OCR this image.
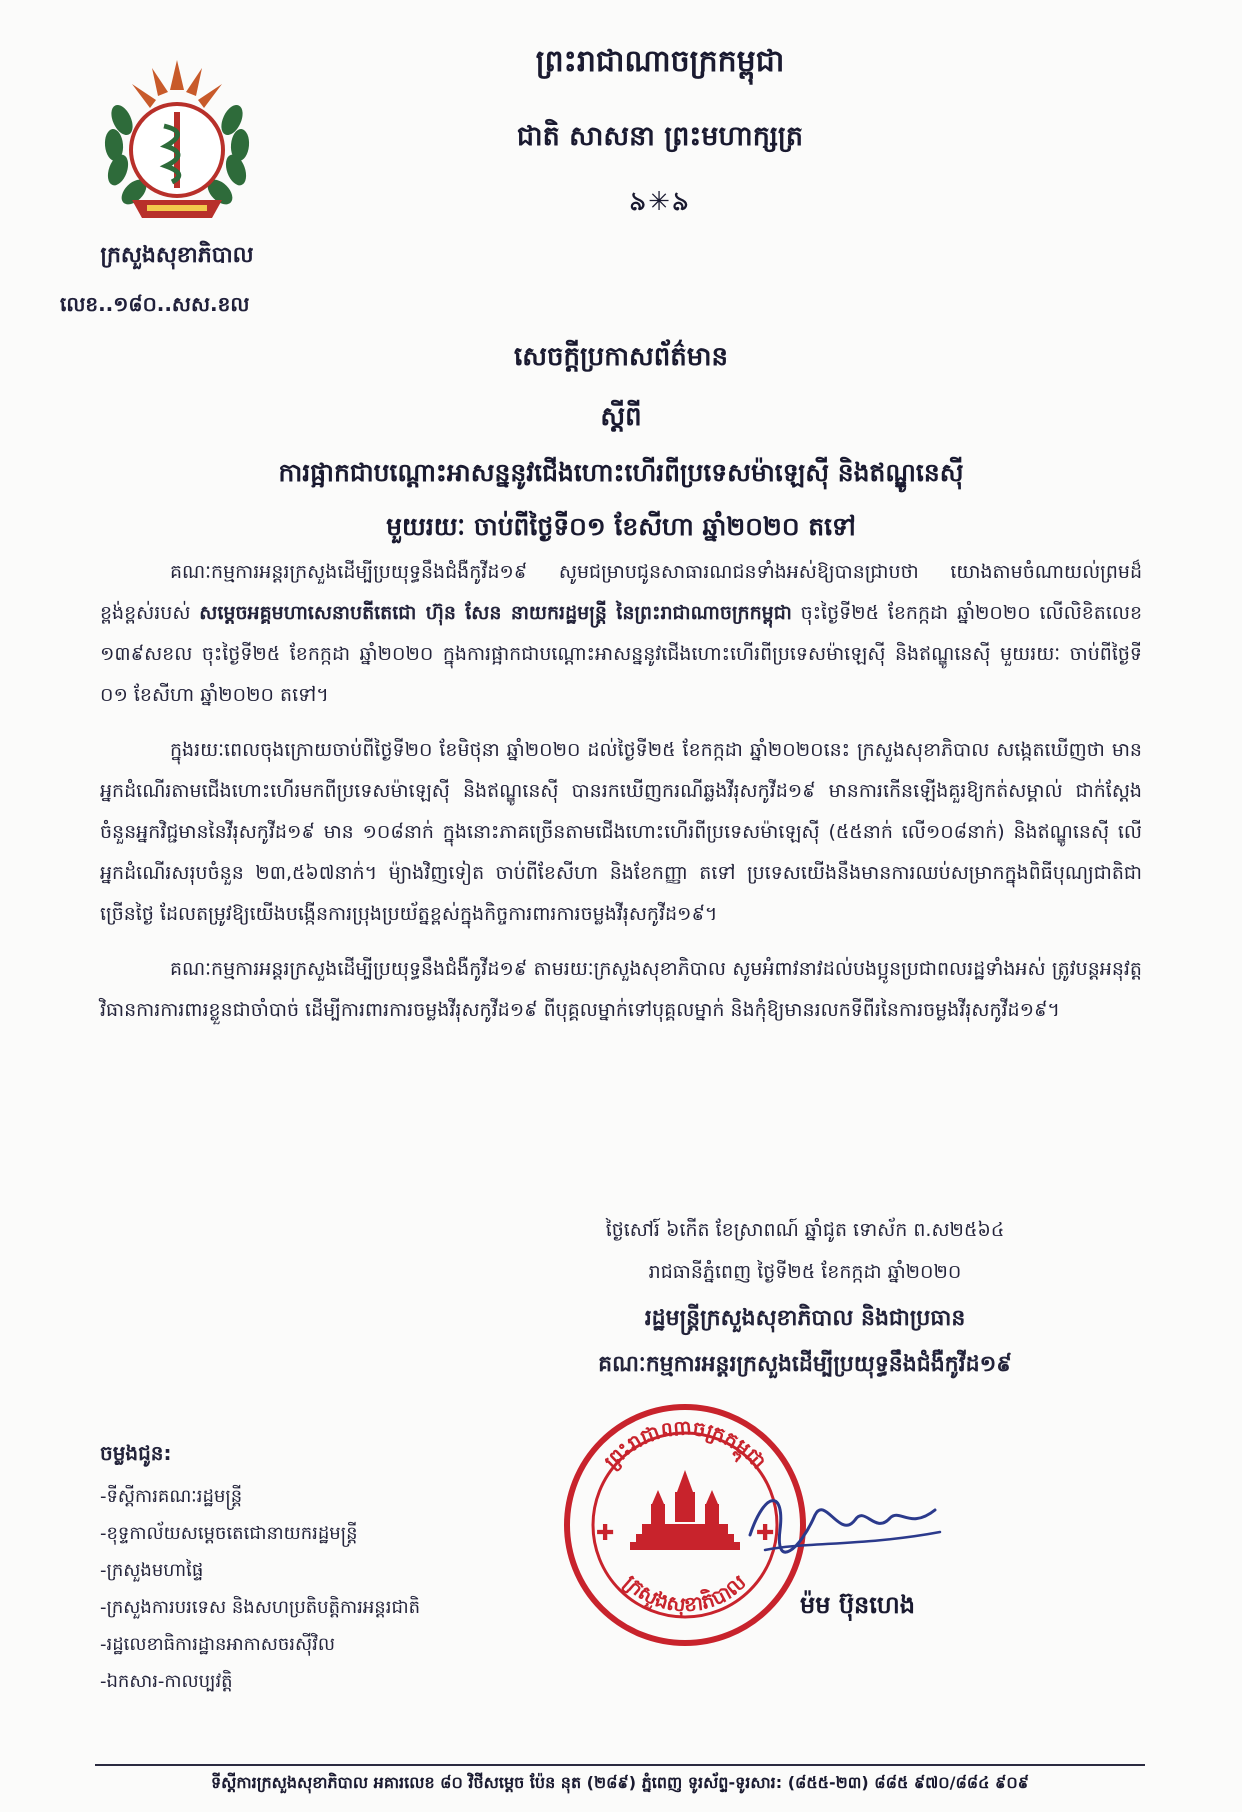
ក្រសួងសុខាភិបាល
លេខ..១៨០..សស.ខល
ព្រះរាជាណាចក្រកម្ពុជា
ជាតិ សាសនា ព្រះមហាក្សត្រ
৯✳৯
សេចក្តីប្រកាសព័ត៌មាន
ស្តីពី
ការផ្អាកជាបណ្តោះអាសន្ននូវជើងហោះហើរពីប្រទេសម៉ាឡេស៊ី និងឥណ្ឌូនេស៊ី
មួយរយៈ ចាប់ពីថ្ងៃទី០១ ខែសីហា ឆ្នាំ២០២០ តទៅ

គណៈកម្មការអន្តរក្រសួងដើម្បីប្រយុទ្ធនឹងជំងឺកូវីដ១៩ សូមជម្រាបជូនសាធារណជនទាំងអស់ឱ្យបានជ្រាបថា យោងតាមចំណាយល់ព្រមដ៏ខ្ពង់ខ្ពស់របស់ សម្តេចអគ្គមហាសេនាបតីតេជោ ហ៊ុន សែន នាយករដ្ឋមន្ត្រី នៃព្រះរាជាណាចក្រកម្ពុជា ចុះថ្ងៃទី២៥ ខែកក្កដា ឆ្នាំ២០២០ លើលិខិតលេខ ១៣៩សខល ចុះថ្ងៃទី២៥ ខែកក្កដា ឆ្នាំ២០២០ ក្នុងការផ្អាកជាបណ្តោះអាសន្ននូវជើងហោះហើរពីប្រទេសម៉ាឡេស៊ី និងឥណ្ឌូនេស៊ី មួយរយៈ ចាប់ពីថ្ងៃទី ០១ ខែសីហា ឆ្នាំ២០២០ តទៅ។

ក្នុងរយៈពេលចុងក្រោយចាប់ពីថ្ងៃទី២០ ខែមិថុនា ឆ្នាំ២០២០ ដល់ថ្ងៃទី២៥ ខែកក្កដា ឆ្នាំ២០២០នេះ ក្រសួងសុខាភិបាល សង្កេតឃើញថា មានអ្នកដំណើរតាមជើងហោះហើរមកពីប្រទេសម៉ាឡេស៊ី និងឥណ្ឌូនេស៊ី បានរកឃើញករណីឆ្លងវីរុសកូវីដ១៩ មានការកើនឡើងគួរឱ្យកត់សម្គាល់ ជាក់ស្តែងចំនួនអ្នកវិជ្ជមាននៃវីរុសកូវីដ១៩ មាន ១០៨នាក់ ក្នុងនោះភាគច្រើនតាមជើងហោះហើរពីប្រទេសម៉ាឡេស៊ី (៥៥នាក់ លើ១០៨នាក់) និងឥណ្ឌូនេស៊ី លើអ្នកដំណើរសរុបចំនួន ២៣,៥៦៧នាក់។ ម៉្យាងវិញទៀត ចាប់ពីខែសីហា និងខែកញ្ញា តទៅ ប្រទេសយើងនឹងមានការឈប់សម្រាកក្នុងពិធីបុណ្យជាតិជាច្រើនថ្ងៃ ដែលតម្រូវឱ្យយើងបង្កើនការប្រុងប្រយ័ត្នខ្ពស់ក្នុងកិច្ចការពារការចម្លងវីរុសកូវីដ១៩។

គណៈកម្មការអន្តរក្រសួងដើម្បីប្រយុទ្ធនឹងជំងឺកូវីដ១៩ តាមរយៈក្រសួងសុខាភិបាល សូមអំពាវនាវដល់បងប្អូនប្រជាពលរដ្ឋទាំងអស់ ត្រូវបន្តអនុវត្តវិធានការការពារខ្លួនជាចាំបាច់ ដើម្បីការពារការចម្លងវីរុសកូវីដ១៩ ពីបុគ្គលម្នាក់ទៅបុគ្គលម្នាក់ និងកុំឱ្យមានរលកទីពីរនៃការចម្លងវីរុសកូវីដ១៩។

ថ្ងៃសៅរ៍ ៦កើត ខែស្រាពណ៍ ឆ្នាំជូត ទោស័ក ព.ស២៥៦៤
រាជធានីភ្នំពេញ ថ្ងៃទី២៥ ខែកក្កដា ឆ្នាំ២០២០
រដ្ឋមន្ត្រីក្រសួងសុខាភិបាល និងជាប្រធាន
គណៈកម្មការអន្តរក្រសួងដើម្បីប្រយុទ្ធនឹងជំងឺកូវីដ១៩
ព្រះរាជាណាចក្រកម្ពុជា
ក្រសួងសុខាភិបាល
✚	✚
ម៉ម ប៊ុនហេង
ចម្លងជូន:
-ទីស្តីការគណៈរដ្ឋមន្ត្រី
-ខុទ្ទកាល័យសម្តេចតេជោនាយករដ្ឋមន្ត្រី
-ក្រសួងមហាផ្ទៃ
-ក្រសួងការបរទេស និងសហប្រតិបត្តិការអន្តរជាតិ
-រដ្ឋលេខាធិការដ្ឋានអាកាសចរស៊ីវិល
-ឯកសារ-កាលប្បវត្តិ
ទីស្តីការក្រសួងសុខាភិបាល អគារលេខ ៨០ វិថីសម្តេច ប៉ែន នុត (២៨៩) ភ្នំពេញ ទូរស័ព្ទ-ទូរសារ: (៨៥៥-២៣) ៨៨៥ ៩៧០/៨៨៤ ៩០៩
